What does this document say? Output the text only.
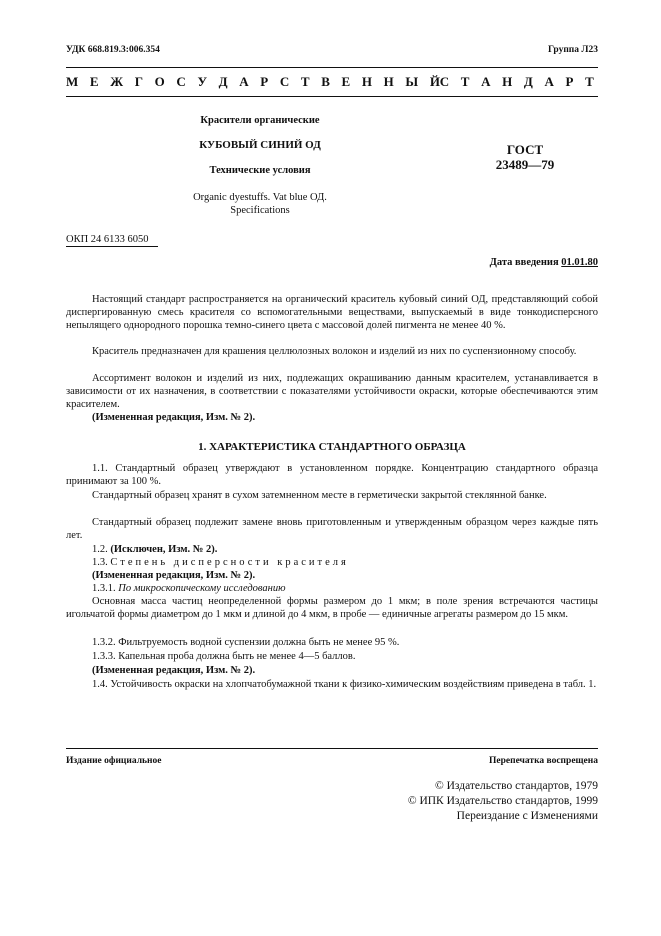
УДК 668.819.3:006.354	Группа Л23
М Е Ж Г О С У Д А Р С Т В Е Н Н Ы Й
С Т А Н Д А Р Т
Красители органические
КУБОВЫЙ СИНИЙ ОД
Технические условия
Organic dyestuffs. Vat blue ОД.
Specifications
ГОСТ
23489—79
ОКП 24 6133 6050
Дата введения 01.01.80

Настоящий стандарт распространяется на органический краситель кубовый синий ОД, представляющий собой диспергированную смесь красителя со вспомогательными веществами, выпускаемый в виде тонкодисперсного непылящего однородного порошка темно-синего цвета с массовой долей пигмента не менее 40 %.

Краситель предназначен для крашения целлюлозных волокон и изделий из них по суспензионному способу.

Ассортимент волокон и изделий из них, подлежащих окрашиванию данным красителем, устанавливается в зависимости от их назначения, в соответствии с показателями устойчивости окраски, которые обеспечиваются этим красителем.

(Измененная редакция, Изм. № 2).

1. ХАРАКТЕРИСТИКА СТАНДАРТНОГО ОБРАЗЦА

1.1. Стандартный образец утверждают в установленном порядке. Концентрацию стандартного образца принимают за 100 %.

Стандартный образец хранят в сухом затемненном месте в герметически закрытой стеклянной банке.

Стандартный образец подлежит замене вновь приготовленным и утвержденным образцом через каждые пять лет.

1.2. (Исключен, Изм. № 2).

1.3. Степень дисперсности красителя

(Измененная редакция, Изм. № 2).

1.3.1. По микроскопическому исследованию

Основная масса частиц неопределенной формы размером до 1 мкм; в поле зрения встречаются частицы игольчатой формы диаметром до 1 мкм и длиной до 4 мкм, в пробе — единичные агрегаты размером до 15 мкм.

1.3.2. Фильтруемость водной суспензии должна быть не менее 95 %.

1.3.3. Капельная проба должна быть не менее 4—5 баллов.

(Измененная редакция, Изм. № 2).

1.4. Устойчивость окраски на хлопчатобумажной ткани к физико-химическим воздействиям приведена в табл. 1.

Издание официальное	Перепечатка воспрещена
© Издательство стандартов, 1979
© ИПК Издательство стандартов, 1999
Переиздание с Изменениями
